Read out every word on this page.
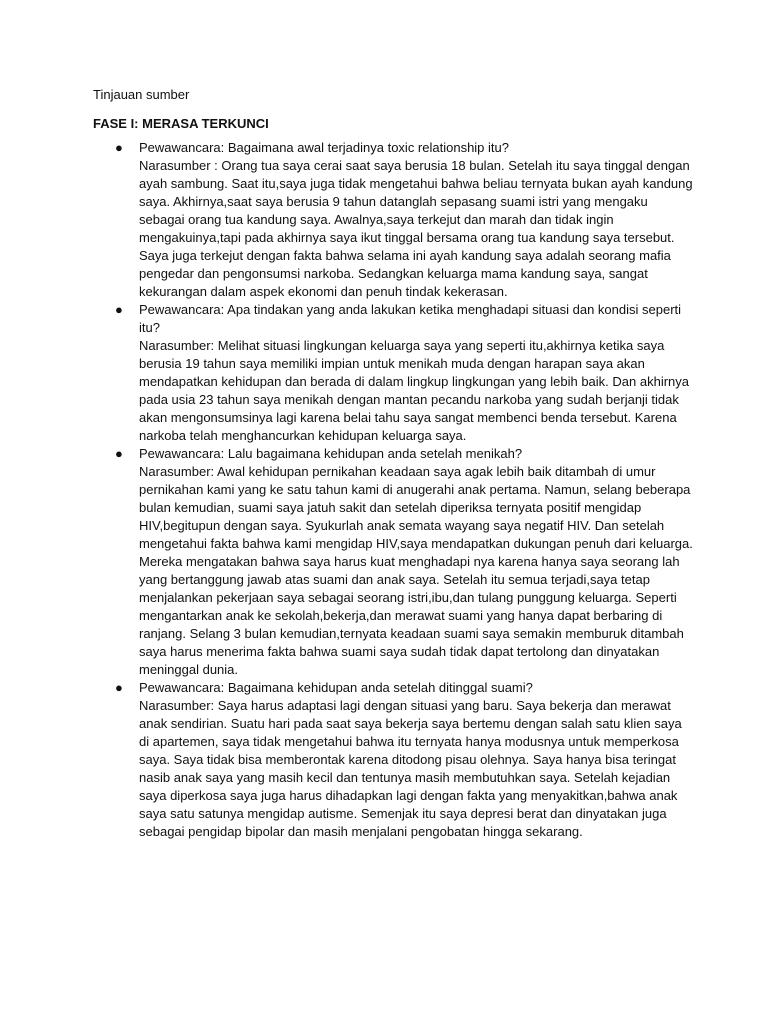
Tinjauan sumber

FASE I: MERASA TERKUNCI

● Pewawancara: Bagaimana awal terjadinya toxic relationship itu?
Narasumber : Orang tua saya cerai saat saya berusia 18 bulan. Setelah itu saya tinggal dengan ayah sambung. Saat itu,saya juga tidak mengetahui bahwa beliau ternyata bukan ayah kandung saya. Akhirnya,saat saya berusia 9 tahun datanglah sepasang suami istri yang mengaku sebagai orang tua kandung saya. Awalnya,saya terkejut dan marah dan tidak ingin mengakuinya,tapi pada akhirnya saya ikut tinggal bersama orang tua kandung saya tersebut. Saya juga terkejut dengan fakta bahwa selama ini ayah kandung saya adalah seorang mafia pengedar dan pengonsumsi narkoba. Sedangkan keluarga mama kandung saya, sangat kekurangan dalam aspek ekonomi dan penuh tindak kekerasan.
● Pewawancara: Apa tindakan yang anda lakukan ketika menghadapi situasi dan kondisi seperti itu?
Narasumber: Melihat situasi lingkungan keluarga saya yang seperti itu,akhirnya ketika saya berusia 19 tahun saya memiliki impian untuk menikah muda dengan harapan saya akan mendapatkan kehidupan dan berada di dalam lingkup lingkungan yang lebih baik. Dan akhirnya pada usia 23 tahun saya menikah dengan mantan pecandu narkoba yang sudah berjanji tidak akan mengonsumsinya lagi karena belai tahu saya sangat membenci benda tersebut. Karena narkoba telah menghancurkan kehidupan keluarga saya.
● Pewawancara: Lalu bagaimana kehidupan anda setelah menikah?
Narasumber: Awal kehidupan pernikahan keadaan saya agak lebih baik ditambah di umur pernikahan kami yang ke satu tahun kami di anugerahi anak pertama. Namun, selang beberapa bulan kemudian, suami saya jatuh sakit dan setelah diperiksa ternyata positif mengidap HIV,begitupun dengan saya. Syukurlah anak semata wayang saya negatif HIV. Dan setelah mengetahui fakta bahwa kami mengidap HIV,saya mendapatkan dukungan penuh dari keluarga. Mereka mengatakan bahwa saya harus kuat menghadapi nya karena hanya saya seorang lah yang bertanggung jawab atas suami dan anak saya. Setelah itu semua terjadi,saya tetap menjalankan pekerjaan saya sebagai seorang istri,ibu,dan tulang punggung keluarga. Seperti mengantarkan anak ke sekolah,bekerja,dan merawat suami yang hanya dapat berbaring di ranjang. Selang 3 bulan kemudian,ternyata keadaan suami saya semakin memburuk ditambah saya harus menerima fakta bahwa suami saya sudah tidak dapat tertolong dan dinyatakan meninggal dunia.
● Pewawancara: Bagaimana kehidupan anda setelah ditinggal suami?
Narasumber: Saya harus adaptasi lagi dengan situasi yang baru. Saya bekerja dan merawat anak sendirian. Suatu hari pada saat saya bekerja saya bertemu dengan salah satu klien saya di apartemen, saya tidak mengetahui bahwa itu ternyata hanya modusnya untuk memperkosa saya. Saya tidak bisa memberontak karena ditodong pisau olehnya. Saya hanya bisa teringat nasib anak saya yang masih kecil dan tentunya masih membutuhkan saya. Setelah kejadian saya diperkosa saya juga harus dihadapkan lagi dengan fakta yang menyakitkan,bahwa anak saya satu satunya mengidap autisme. Semenjak itu saya depresi berat dan dinyatakan juga sebagai pengidap bipolar dan masih menjalani pengobatan hingga sekarang.
